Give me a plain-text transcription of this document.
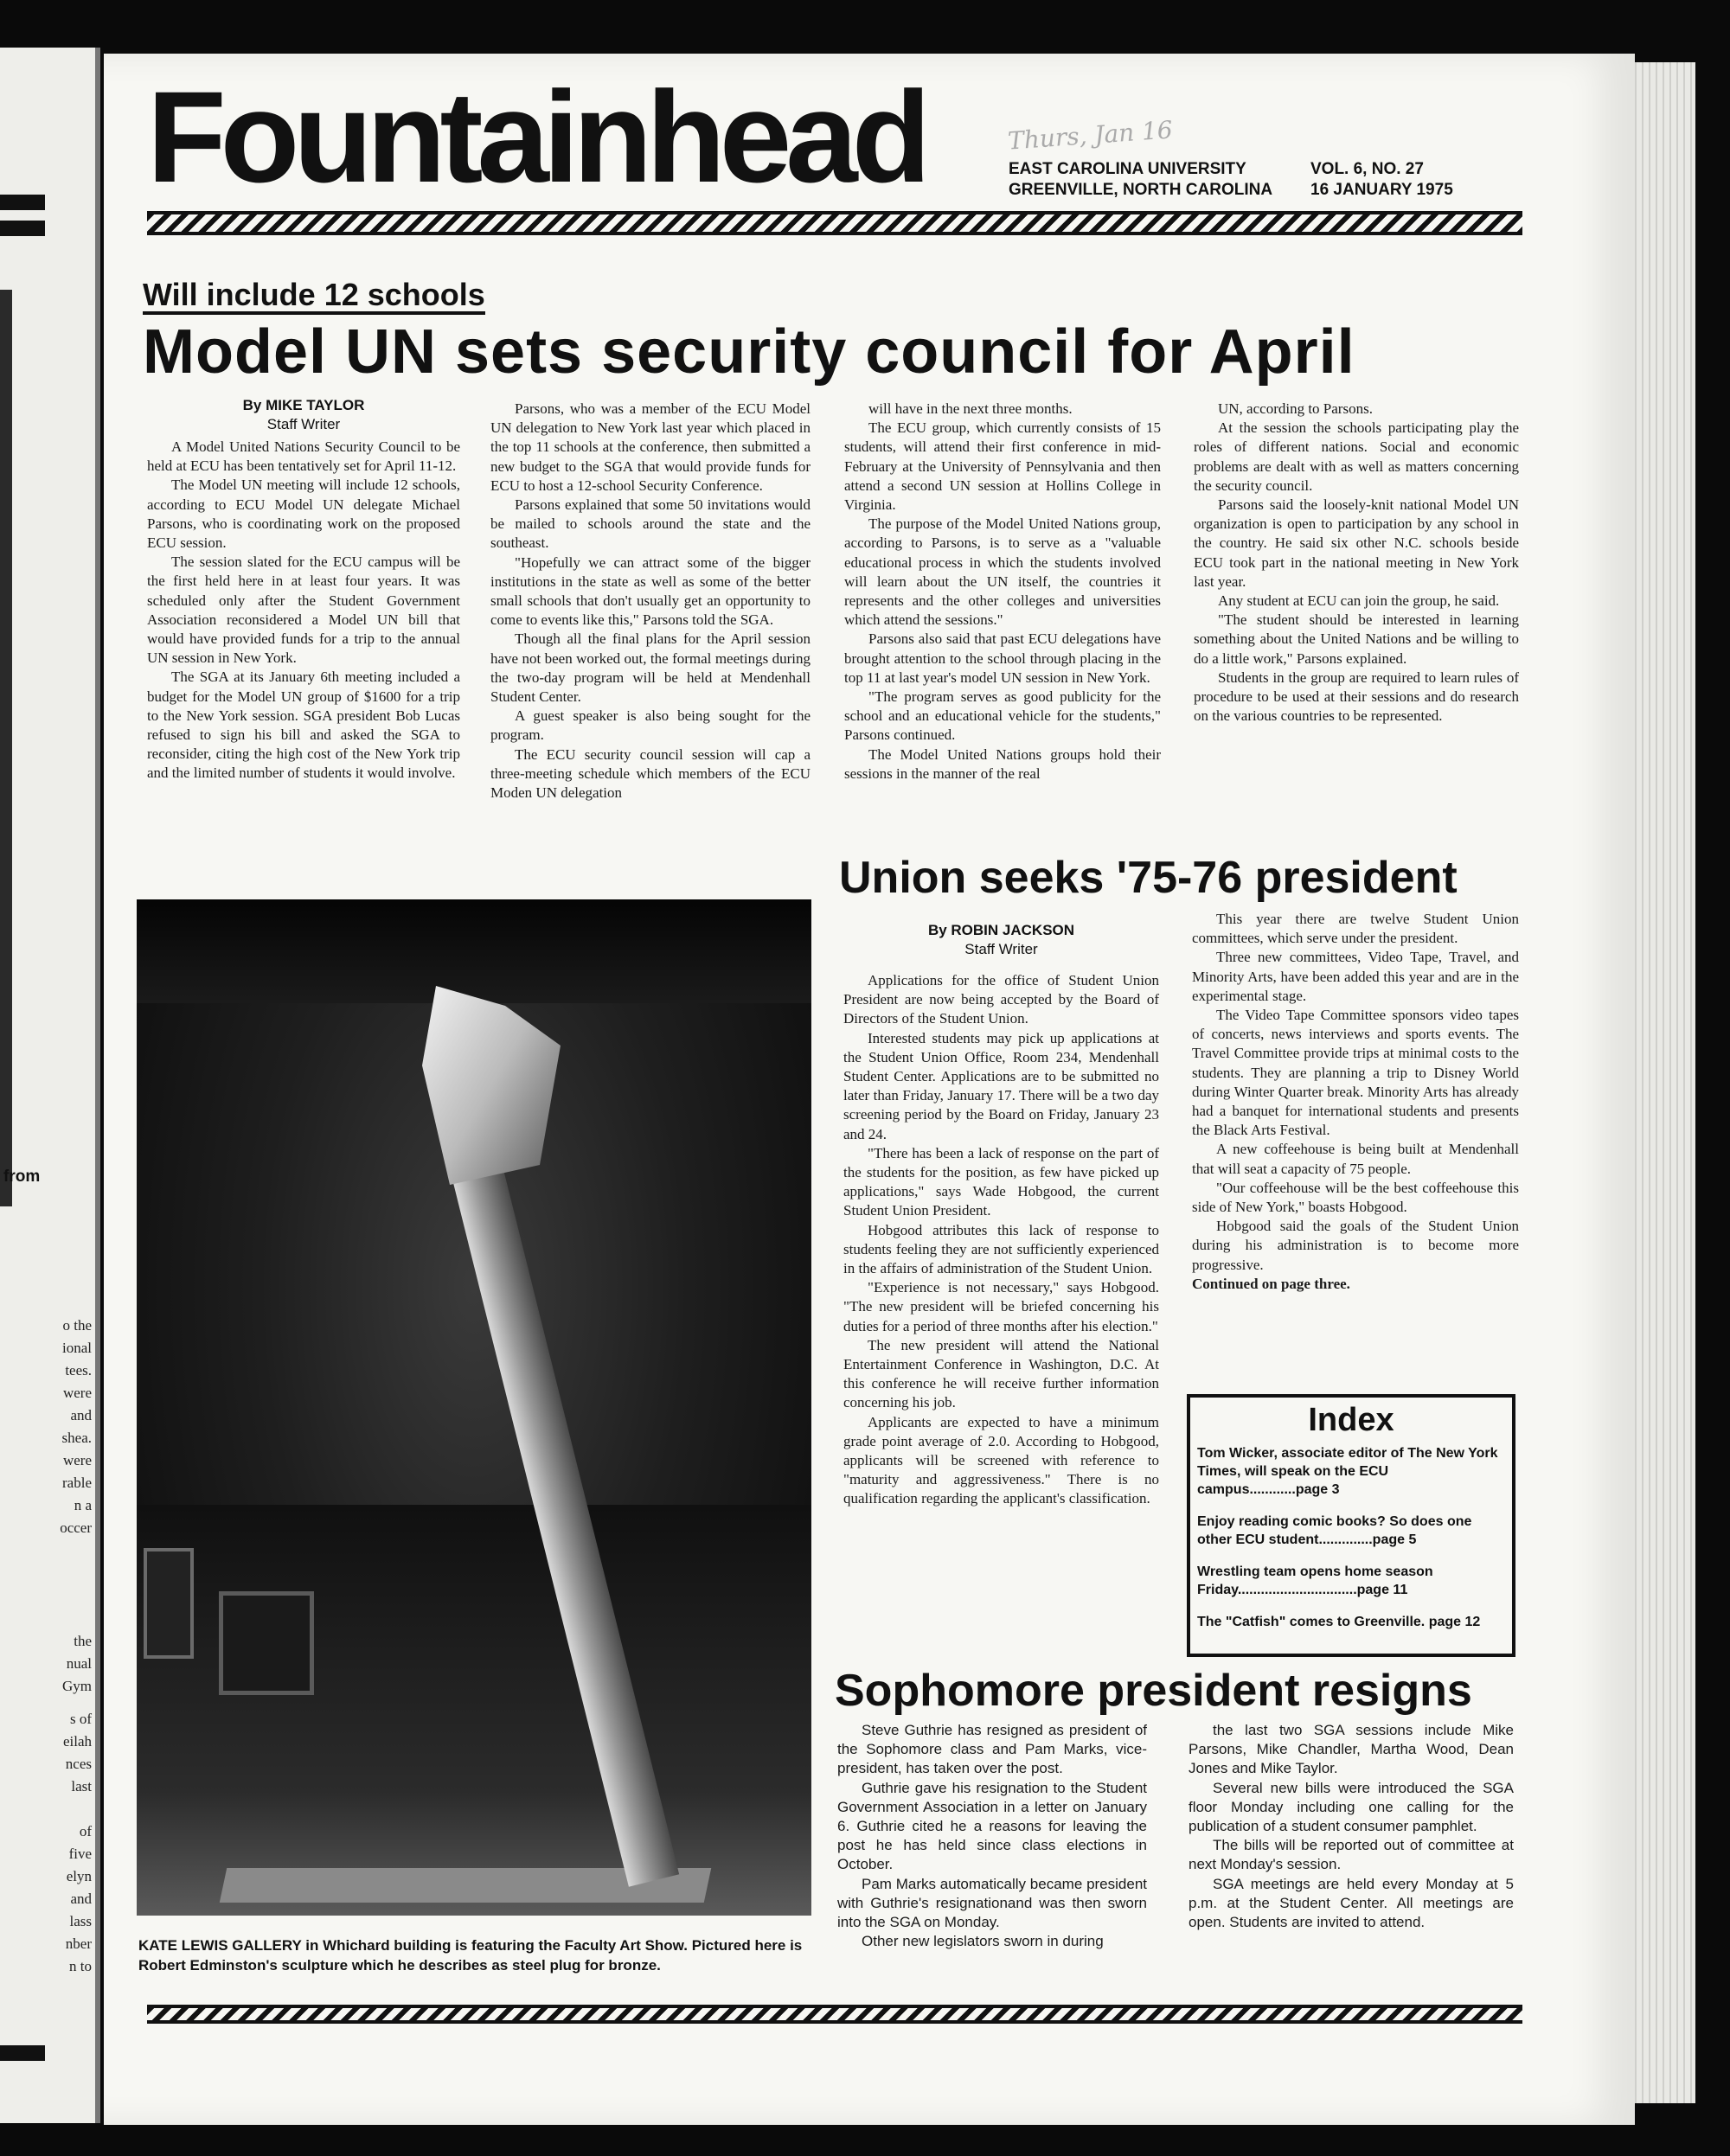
from
o the
ional
tees.
were
and
shea.
were
rable
n a
occer
the
nual
Gym
s of
eilah
nces
last
of
five
elyn
and
lass
nber
n to
Fountainhead	Thurs, Jan 16
EAST CAROLINA UNIVERSITY
GREENVILLE, NORTH CAROLINA
VOL. 6, NO. 27
16 JANUARY 1975
Will include 12 schools
Model UN sets security council for April
By MIKE TAYLOR
Staff Writer

A Model United Nations Security Council to be held at ECU has been tentatively set for April 11-12.

The Model UN meeting will include 12 schools, according to ECU Model UN delegate Michael Parsons, who is coordinating work on the proposed ECU session.

The session slated for the ECU campus will be the first held here in at least four years. It was scheduled only after the Student Government Association reconsidered a Model UN bill that would have provided funds for a trip to the annual UN session in New York.

The SGA at its January 6th meeting included a budget for the Model UN group of $1600 for a trip to the New York session. SGA president Bob Lucas refused to sign his bill and asked the SGA to reconsider, citing the high cost of the New York trip and the limited number of students it would involve.

Parsons, who was a member of the ECU Model UN delegation to New York last year which placed in the top 11 schools at the conference, then submitted a new budget to the SGA that would provide funds for ECU to host a 12-school Security Conference.

Parsons explained that some 50 invitations would be mailed to schools around the state and the southeast.

"Hopefully we can attract some of the bigger institutions in the state as well as some of the better small schools that don't usually get an opportunity to come to events like this," Parsons told the SGA.

Though all the final plans for the April session have not been worked out, the formal meetings during the two-day program will be held at Mendenhall Student Center.

A guest speaker is also being sought for the program.

The ECU security council session will cap a three-meeting schedule which members of the ECU Moden UN delegation

will have in the next three months.

The ECU group, which currently consists of 15 students, will attend their first conference in mid-February at the University of Pennsylvania and then attend a second UN session at Hollins College in Virginia.

The purpose of the Model United Nations group, according to Parsons, is to serve as a "valuable educational process in which the students involved will learn about the UN itself, the countries it represents and the other colleges and universities which attend the sessions."

Parsons also said that past ECU delegations have brought attention to the school through placing in the top 11 at last year's model UN session in New York.

"The program serves as good publicity for the school and an educational vehicle for the students," Parsons continued.

The Model United Nations groups hold their sessions in the manner of the real

UN, according to Parsons.

At the session the schools participating play the roles of different nations. Social and economic problems are dealt with as well as matters concerning the security council.

Parsons said the loosely-knit national Model UN organization is open to participation by any school in the country. He said six other N.C. schools beside ECU took part in the national meeting in New York last year.

Any student at ECU can join the group, he said.

"The student should be interested in learning something about the United Nations and be willing to do a little work," Parsons explained.

Students in the group are required to learn rules of procedure to be used at their sessions and do research on the various countries to be represented.

KATE LEWIS GALLERY in Whichard building is featuring the Faculty Art Show. Pictured here is Robert Edminston's sculpture which he describes as steel plug for bronze.
Union seeks '75-76 president
By ROBIN JACKSON
Staff Writer

Applications for the office of Student Union President are now being accepted by the Board of Directors of the Student Union.

Interested students may pick up applications at the Student Union Office, Room 234, Mendenhall Student Center. Applications are to be submitted no later than Friday, January 17. There will be a two day screening period by the Board on Friday, January 23 and 24.

"There has been a lack of response on the part of the students for the position, as few have picked up applications," says Wade Hobgood, the current Student Union President.

Hobgood attributes this lack of response to students feeling they are not sufficiently experienced in the affairs of administration of the Student Union.

"Experience is not necessary," says Hobgood. "The new president will be briefed concerning his duties for a period of three months after his election."

The new president will attend the National Entertainment Conference in Washington, D.C. At this conference he will receive further information concerning his job.

Applicants are expected to have a minimum grade point average of 2.0. According to Hobgood, applicants will be screened with reference to "maturity and aggressiveness." There is no qualification regarding the applicant's classification.

This year there are twelve Student Union committees, which serve under the president.

Three new committees, Video Tape, Travel, and Minority Arts, have been added this year and are in the experimental stage.

The Video Tape Committee sponsors video tapes of concerts, news interviews and sports events. The Travel Committee provide trips at minimal costs to the students. They are planning a trip to Disney World during Winter Quarter break. Minority Arts has already had a banquet for international students and presents the Black Arts Festival.

A new coffeehouse is being built at Mendenhall that will seat a capacity of 75 people.

"Our coffeehouse will be the best coffeehouse this side of New York," boasts Hobgood.

Hobgood said the goals of the Student Union during his administration is to become more progressive.

Continued on page three.

Index
Tom Wicker, associate editor of The New York Times, will speak on the ECU campus............page 3
Enjoy reading comic books? So does one other ECU student..............page 5
Wrestling team opens home season Friday...............................page 11
The "Catfish" comes to Greenville. page 12
Sophomore president resigns

Steve Guthrie has resigned as president of the Sophomore class and Pam Marks, vice-president, has taken over the post.

Guthrie gave his resignation to the Student Government Association in a letter on January 6. Guthrie cited he a reasons for leaving the post he has held since class elections in October.

Pam Marks automatically became president with Guthrie's resignationand was then sworn into the SGA on Monday.

Other new legislators sworn in during

the last two SGA sessions include Mike Parsons, Mike Chandler, Martha Wood, Dean Jones and Mike Taylor.

Several new bills were introduced the SGA floor Monday including one calling for the publication of a student consumer pamphlet.

The bills will be reported out of committee at next Monday's session.

SGA meetings are held every Monday at 5 p.m. at the Student Center. All meetings are open. Students are invited to attend.
